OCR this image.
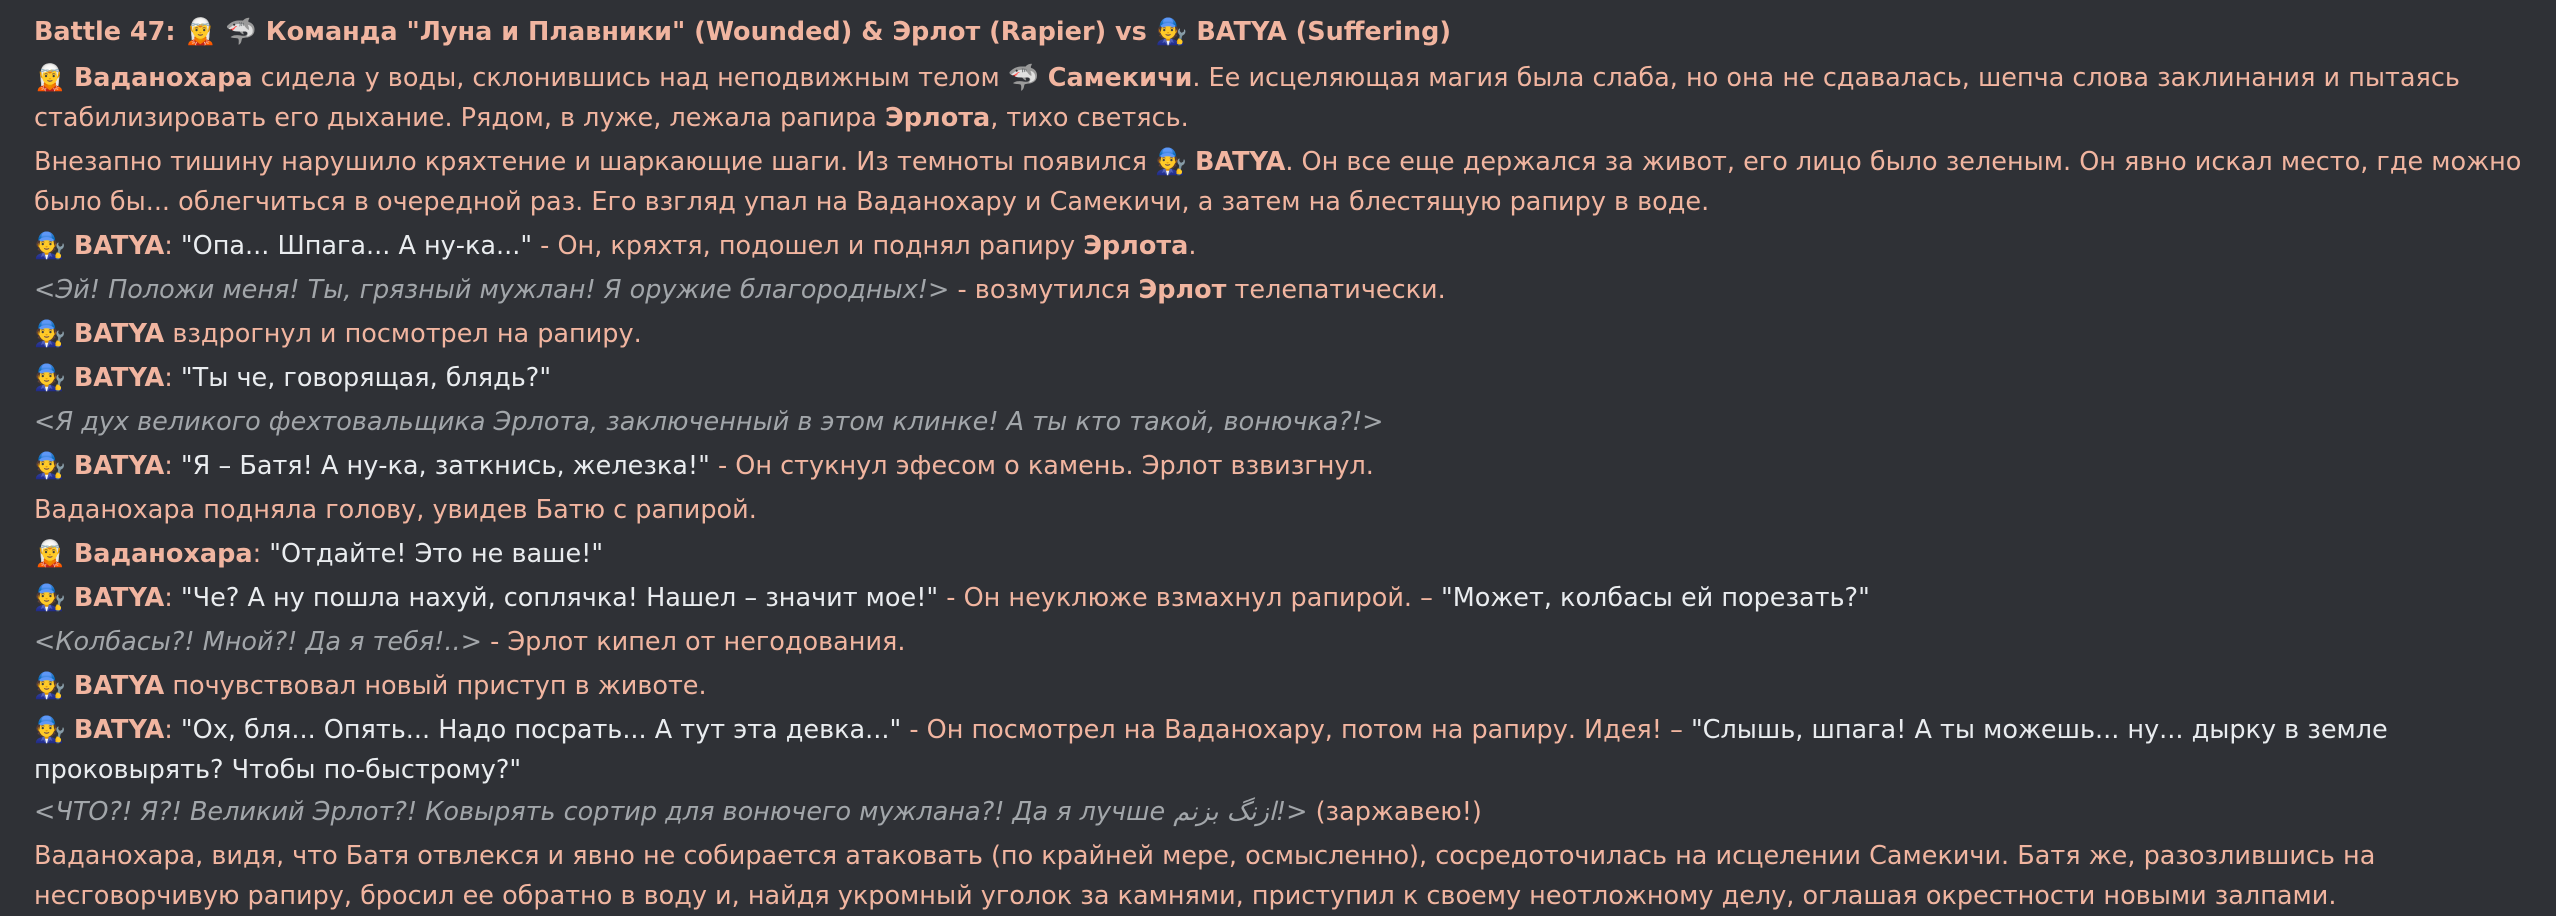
Battle 47: 🧝 🦈 Команда "Луна и Плавники" (Wounded) & Эрлот (Rapier) vs 🧑‍🔧 BATYA (Suffering)
🧝 Ваданохара сидела у воды, склонившись над неподвижным телом 🦈 Самекичи. Ее исцеляющая магия была слаба, но она не сдавалась, шепча слова заклинания и пытаясь стабилизировать его дыхание. Рядом, в луже, лежала рапира Эрлота, тихо светясь.
Внезапно тишину нарушило кряхтение и шаркающие шаги. Из темноты появился 🧑‍🔧 BATYA. Он все еще держался за живот, его лицо было зеленым. Он явно искал место, где можно было бы... облегчиться в очередной раз. Его взгляд упал на Ваданохару и Самекичи, а затем на блестящую рапиру в воде.
🧑‍🔧 BATYA: "Опа... Шпага... А ну-ка..." - Он, кряхтя, подошел и поднял рапиру Эрлота.
<Эй! Положи меня! Ты, грязный мужлан! Я оружие благородных!> - возмутился Эрлот телепатически.
🧑‍🔧 BATYA вздрогнул и посмотрел на рапиру.
🧑‍🔧 BATYA: "Ты че, говорящая, блядь?"
<Я дух великого фехтовальщика Эрлота, заключенный в этом клинке! А ты кто такой, вонючка?!>
🧑‍🔧 BATYA: "Я – Батя! А ну-ка, заткнись, железка!" - Он стукнул эфесом о камень. Эрлот взвизгнул.
Ваданохара подняла голову, увидев Батю с рапирой.
🧝 Ваданохара: "Отдайте! Это не ваше!"
🧑‍🔧 BATYA: "Че? А ну пошла нахуй, соплячка! Нашел – значит мое!" - Он неуклюже взмахнул рапирой. – "Может, колбасы ей порезать?"
<Колбасы?! Мной?! Да я тебя!..> - Эрлот кипел от негодования.
🧑‍🔧 BATYA почувствовал новый приступ в животе.
🧑‍🔧 BATYA: "Ох, бля... Опять... Надо посрать... А тут эта девка..." - Он посмотрел на Ваданохару, потом на рапиру. Идея! – "Слышь, шпага! А ты можешь... ну... дырку в земле проковырять? Чтобы по-быстрому?"
<ЧТО?! Я?! Великий Эрлот?! Ковырять сортир для вонючего мужлана?! Да я лучше ازنگ بزنم!> (заржавею!)
Ваданохара, видя, что Батя отвлекся и явно не собирается атаковать (по крайней мере, осмысленно), сосредоточилась на исцелении Самекичи. Батя же, разозлившись на несговорчивую рапиру, бросил ее обратно в воду и, найдя укромный уголок за камнями, приступил к своему неотложному делу, оглашая окрестности новыми залпами.
